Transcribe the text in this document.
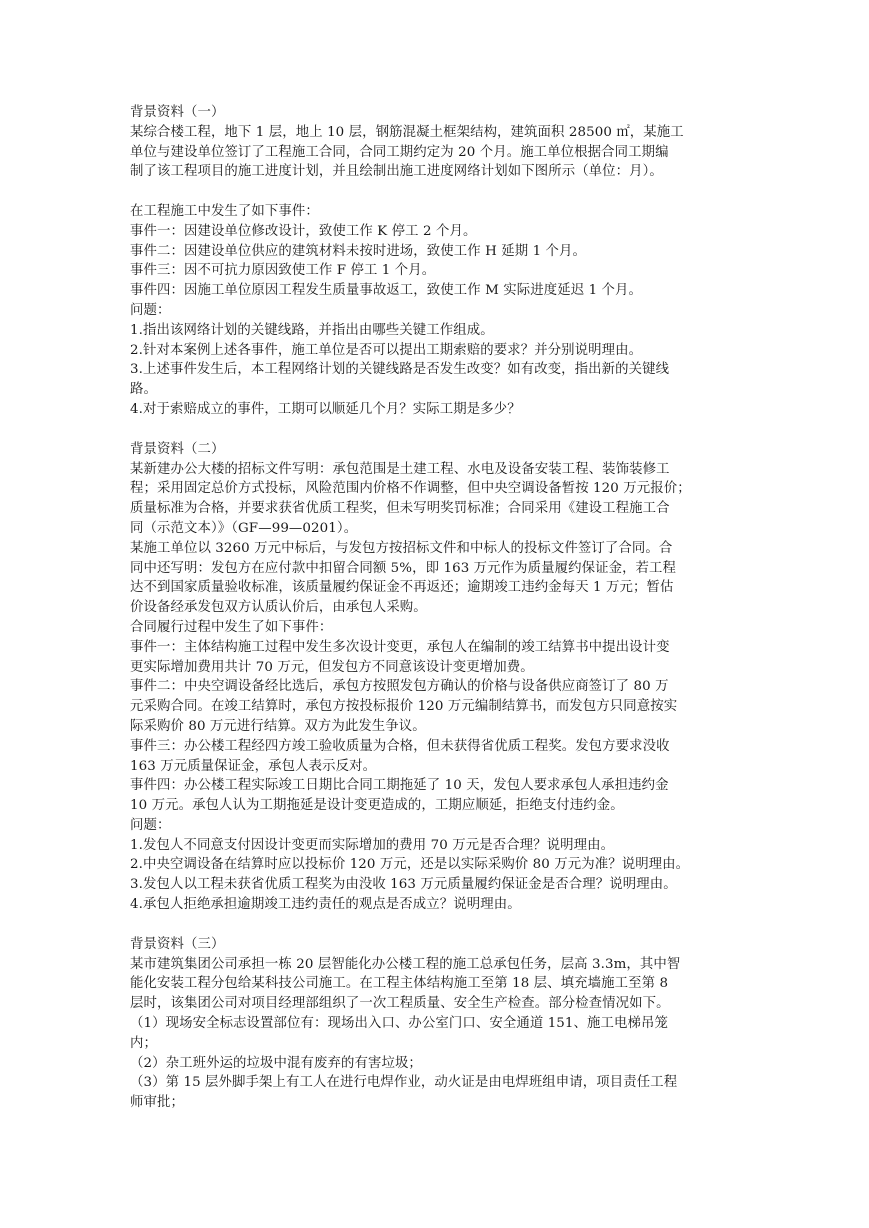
背景资料（一）
某综合楼工程，地下 1 层，地上 10 层，钢筋混凝土框架结构，建筑面积 28500 ㎡，某施工
单位与建设单位签订了工程施工合同，合同工期约定为 20 个月。施工单位根据合同工期编
制了该工程项目的施工进度计划，并且绘制出施工进度网络计划如下图所示（单位：月）。
在工程施工中发生了如下事件：
事件一：因建设单位修改设计，致使工作 K 停工 2 个月。
事件二：因建设单位供应的建筑材料未按时进场，致使工作 H 延期 1 个月。
事件三：因不可抗力原因致使工作 F 停工 1 个月。
事件四：因施工单位原因工程发生质量事故返工，致使工作 M 实际进度延迟 1 个月。
问题：
1.指出该网络计划的关键线路，并指出由哪些关键工作组成。
2.针对本案例上述各事件，施工单位是否可以提出工期索赔的要求？并分别说明理由。
3.上述事件发生后，本工程网络计划的关键线路是否发生改变？如有改变，指出新的关键线
路。
4.对于索赔成立的事件，工期可以顺延几个月？实际工期是多少？
背景资料（二）
某新建办公大楼的招标文件写明：承包范围是土建工程、水电及设备安装工程、装饰装修工
程；采用固定总价方式投标，风险范围内价格不作调整，但中央空调设备暂按 120 万元报价；
质量标准为合格，并要求获省优质工程奖，但未写明奖罚标准；合同采用《建设工程施工合
同（示范文本）》（GF—99—0201）。
某施工单位以 3260 万元中标后，与发包方按招标文件和中标人的投标文件签订了合同。合
同中还写明：发包方在应付款中扣留合同额 5%，即 163 万元作为质量履约保证金，若工程
达不到国家质量验收标准，该质量履约保证金不再返还；逾期竣工违约金每天 1 万元；暂估
价设备经承发包双方认质认价后，由承包人采购。
合同履行过程中发生了如下事件：
事件一：主体结构施工过程中发生多次设计变更，承包人在编制的竣工结算书中提出设计变
更实际增加费用共计 70 万元，但发包方不同意该设计变更增加费。
事件二：中央空调设备经比选后，承包方按照发包方确认的价格与设备供应商签订了 80 万
元采购合同。在竣工结算时，承包方按投标报价 120 万元编制结算书，而发包方只同意按实
际采购价 80 万元进行结算。双方为此发生争议。
事件三：办公楼工程经四方竣工验收质量为合格，但未获得省优质工程奖。发包方要求没收
163 万元质量保证金，承包人表示反对。
事件四：办公楼工程实际竣工日期比合同工期拖延了 10 天，发包人要求承包人承担违约金
10 万元。承包人认为工期拖延是设计变更造成的，工期应顺延，拒绝支付违约金。
问题：
1.发包人不同意支付因设计变更而实际增加的费用 70 万元是否合理？说明理由。
2.中央空调设备在结算时应以投标价 120 万元，还是以实际采购价 80 万元为准？说明理由。
3.发包人以工程未获省优质工程奖为由没收 163 万元质量履约保证金是否合理？说明理由。
4.承包人拒绝承担逾期竣工违约责任的观点是否成立？说明理由。
背景资料（三）
某市建筑集团公司承担一栋 20 层智能化办公楼工程的施工总承包任务，层高 3.3m，其中智
能化安装工程分包给某科技公司施工。在工程主体结构施工至第 18 层、填充墙施工至第 8
层时，该集团公司对项目经理部组织了一次工程质量、安全生产检查。部分检查情况如下。
（1）现场安全标志设置部位有：现场出入口、办公室门口、安全通道 151、施工电梯吊笼
内；
（2）杂工班外运的垃圾中混有废弃的有害垃圾；
（3）第 15 层外脚手架上有工人在进行电焊作业，动火证是由电焊班组申请，项目责任工程
师审批；
